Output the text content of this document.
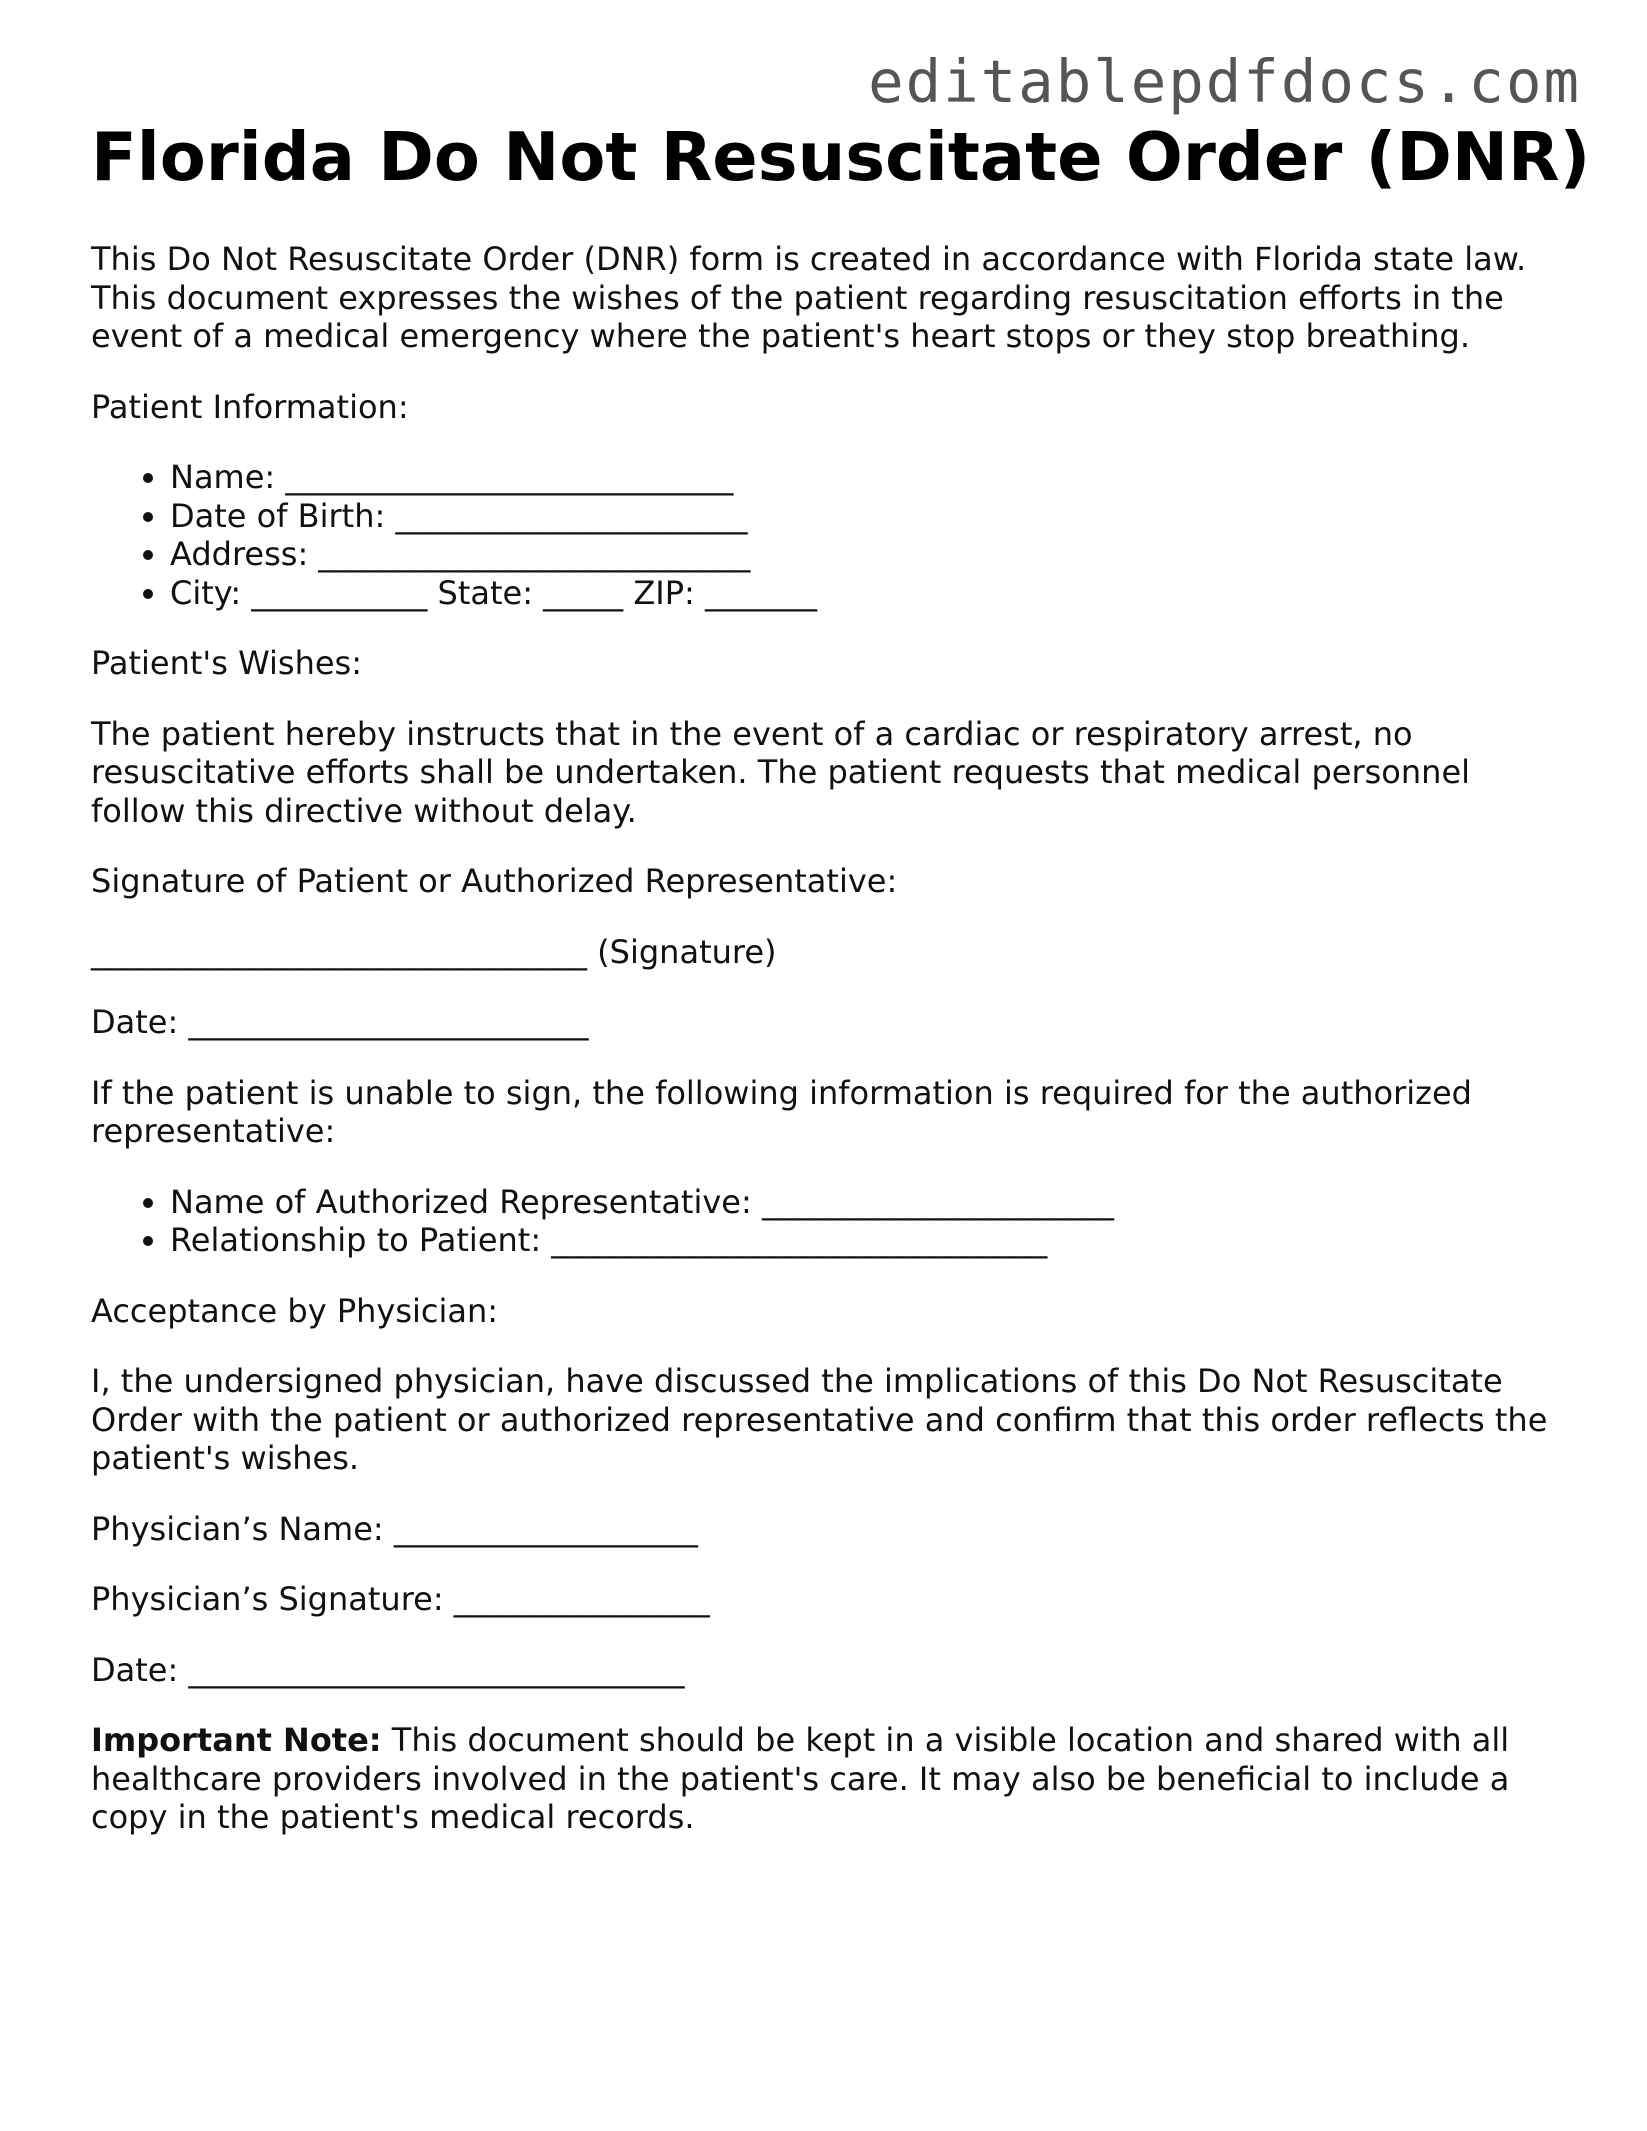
editablepdfdocs.com
Florida Do Not Resuscitate Order (DNR)

This Do Not Resuscitate Order (DNR) form is created in accordance with Florida state law. This document expresses the wishes of the patient regarding resuscitation efforts in the event of a medical emergency where the patient's heart stops or they stop breathing.

Patient Information:

• Name: ____________________________
• Date of Birth: ______________________
• Address: ___________________________
• City: ___________ State: _____ ZIP: _______

Patient's Wishes:

The patient hereby instructs that in the event of a cardiac or respiratory arrest, no resuscitative efforts shall be undertaken. The patient requests that medical personnel follow this directive without delay.

Signature of Patient or Authorized Representative:

_______________________________ (Signature)

Date: _________________________

If the patient is unable to sign, the following information is required for the authorized representative:

• Name of Authorized Representative: ______________________
• Relationship to Patient: _______________________________

Acceptance by Physician:

I, the undersigned physician, have discussed the implications of this Do Not Resuscitate Order with the patient or authorized representative and confirm that this order reflects the patient's wishes.

Physician’s Name: ___________________

Physician’s Signature: ________________

Date: _______________________________

Important Note: This document should be kept in a visible location and shared with all healthcare providers involved in the patient's care. It may also be beneficial to include a copy in the patient's medical records.
